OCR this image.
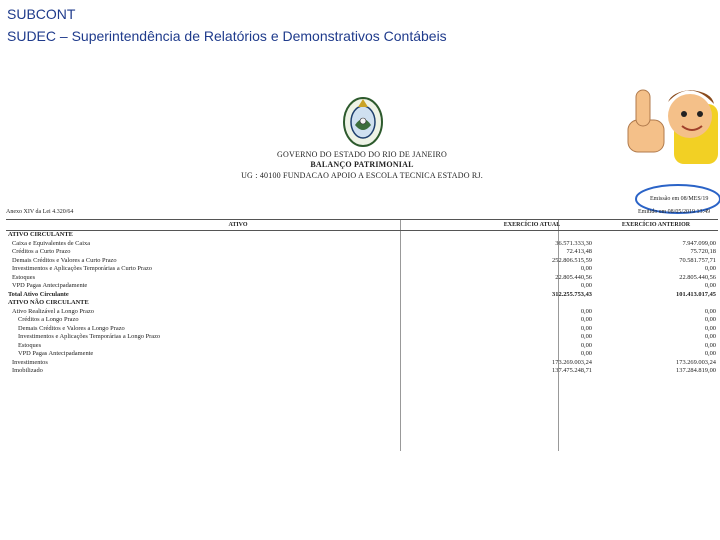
SUBCONT
SUDEC – Superintendência de Relatórios e Demonstrativos Contábeis
GOVERNO DO ESTADO DO RIO DE JANEIRO
BALANÇO PATRIMONIAL
UG : 40100 FUNDACAO APOIO A ESCOLA TECNICA ESTADO RJ.
Emissão em 08/MES/19
Anexo XIV da Lei 4.320/64	Emitido em 08/05/2019 13:49
ATIVO	EXERCÍCIO ATUAL	EXERCÍCIO ANTERIOR
ATIVO CIRCULANTE		
Caixa e Equivalentes de Caixa	36.571.333,30	7.947.099,00
Créditos a Curto Prazo	72.413,48	75.720,18
Demais Créditos e Valores a Curto Prazo	252.806.515,59	70.581.757,71
Investimentos e Aplicações Temporárias a Curto Prazo	0,00	0,00
Estoques	22.805.440,56	22.805.440,56
VPD Pagas Antecipadamente	0,00	0,00
Total Ativo Circulante	312.255.753,43	101.413.017,45
ATIVO NÃO CIRCULANTE		
Ativo Realizável a Longo Prazo	0,00	0,00
Créditos a Longo Prazo	0,00	0,00
Demais Créditos e Valores a Longo Prazo	0,00	0,00
Investimentos e Aplicações Temporárias a Longo Prazo	0,00	0,00
Estoques	0,00	0,00
VPD Pagas Antecipadamente	0,00	0,00
Investimentos	173.269.003,24	173.269.003,24
Imobilizado	137.475.248,71	137.284.819,00
